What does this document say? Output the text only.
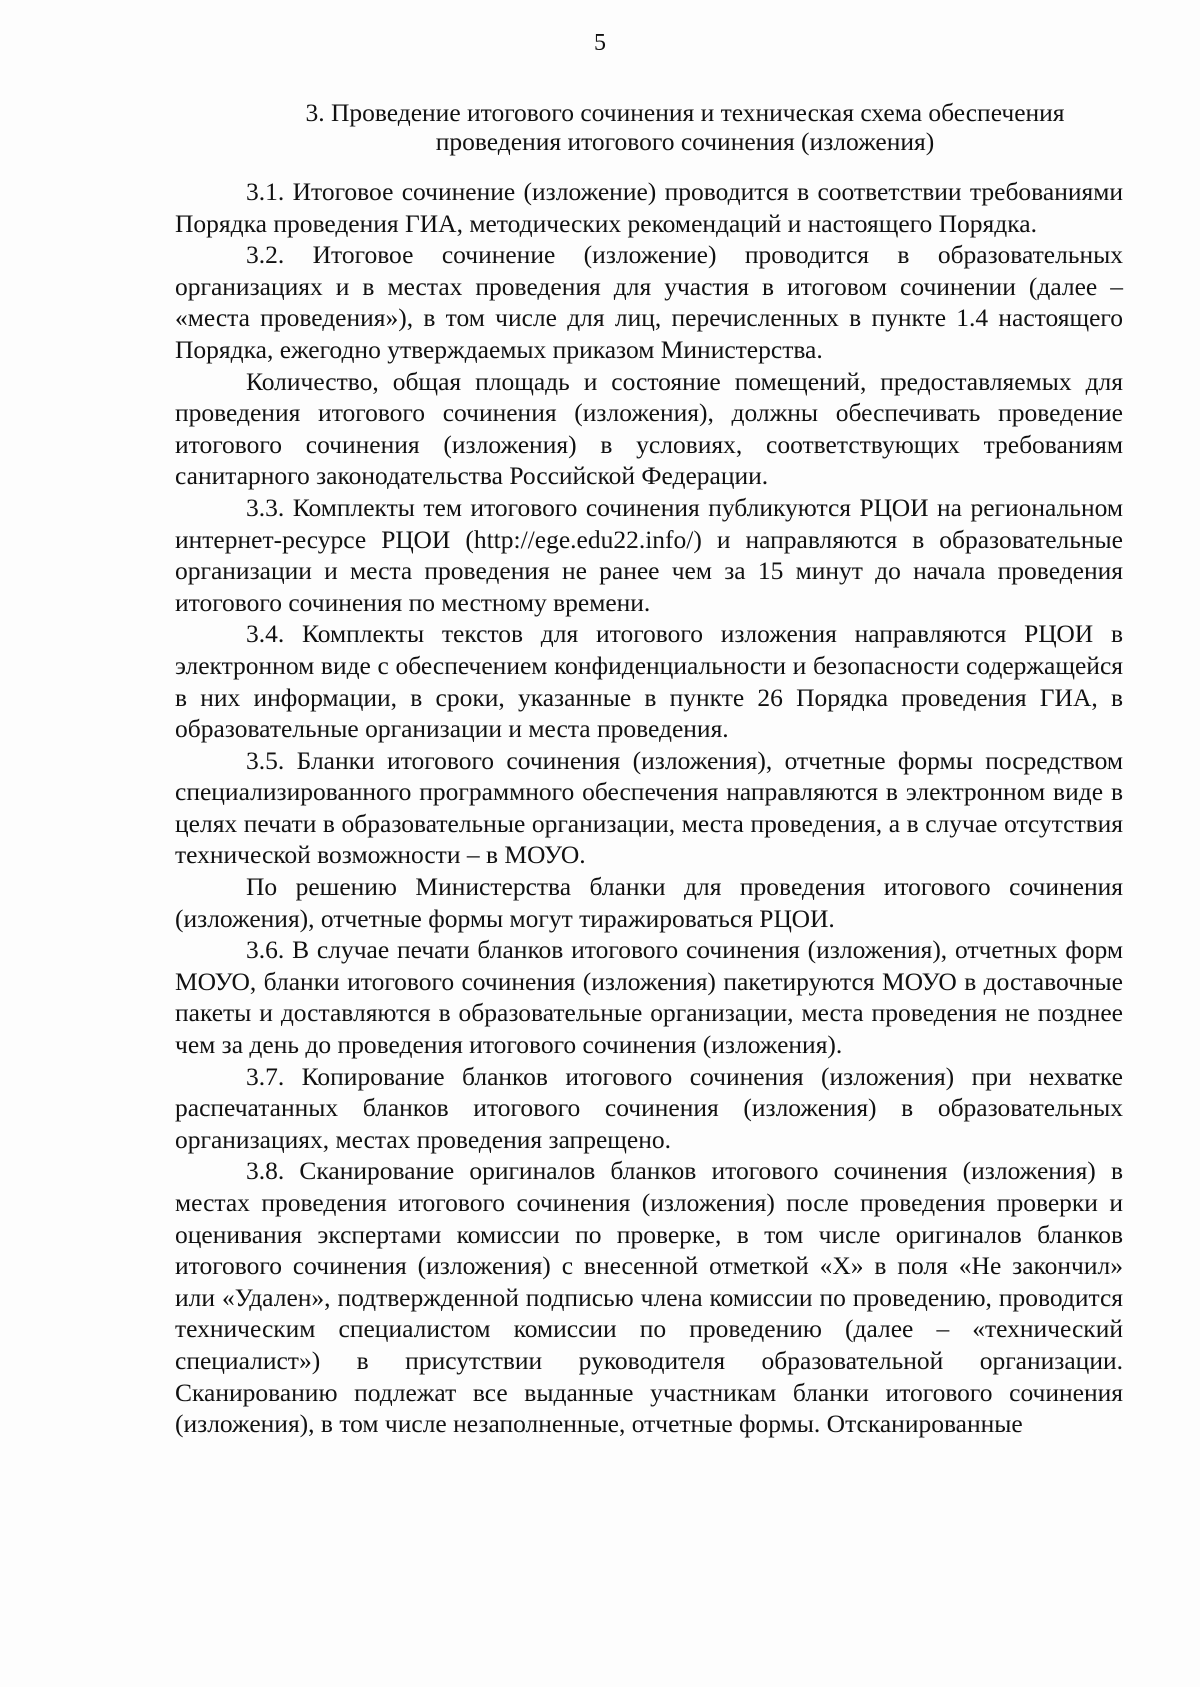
5
3. Проведение итогового сочинения и техническая схема обеспечения
проведения итогового сочинения (изложения)

3.1. Итоговое сочинение (изложение) проводится в соответствии требованиями Порядка проведения ГИА, методических рекомендаций и настоящего Порядка.

3.2. Итоговое сочинение (изложение) проводится в образовательных организациях и в местах проведения для участия в итоговом сочинении (далее – «места проведения»), в том числе для лиц, перечисленных в пункте 1.4 настоящего Порядка, ежегодно утверждаемых приказом Министерства.

Количество, общая площадь и состояние помещений, предоставляемых для проведения итогового сочинения (изложения), должны обеспечивать проведение итогового сочинения (изложения) в условиях, соответствующих требованиям санитарного законодательства Российской Федерации.

3.3. Комплекты тем итогового сочинения публикуются РЦОИ на региональном интернет-ресурсе РЦОИ (http://ege.edu22.info/) и направляются в образовательные организации и места проведения не ранее чем за 15 минут до начала проведения итогового сочинения по местному времени.

3.4. Комплекты текстов для итогового изложения направляются РЦОИ в электронном виде с обеспечением конфиденциальности и безопасности содержащейся в них информации, в сроки, указанные в пункте 26 Порядка проведения ГИА, в образовательные организации и места проведения.

3.5. Бланки итогового сочинения (изложения), отчетные формы посредством специализированного программного обеспечения направляются в электронном виде в целях печати в образовательные организации, места проведения, а в случае отсутствия технической возможности – в МОУО.

По решению Министерства бланки для проведения итогового сочинения (изложения), отчетные формы могут тиражироваться РЦОИ.

3.6. В случае печати бланков итогового сочинения (изложения), отчетных форм МОУО, бланки итогового сочинения (изложения) пакетируются МОУО в доставочные пакеты и доставляются в образовательные организации, места проведения не позднее чем за день до проведения итогового сочинения (изложения).

3.7. Копирование бланков итогового сочинения (изложения) при нехватке распечатанных бланков итогового сочинения (изложения) в образовательных организациях, местах проведения запрещено.

3.8. Сканирование оригиналов бланков итогового сочинения (изложения) в местах проведения итогового сочинения (изложения) после проведения проверки и оценивания экспертами комиссии по проверке, в том числе оригиналов бланков итогового сочинения (изложения) с внесенной отметкой «Х» в поля «Не закончил» или «Удален», подтвержденной подписью члена комиссии по проведению, проводится техническим специалистом комиссии по проведению (далее – «технический специалист») в присутствии руководителя образовательной организации. Сканированию подлежат все выданные участникам бланки итогового сочинения (изложения), в том числе незаполненные, отчетные формы. Отсканированные
